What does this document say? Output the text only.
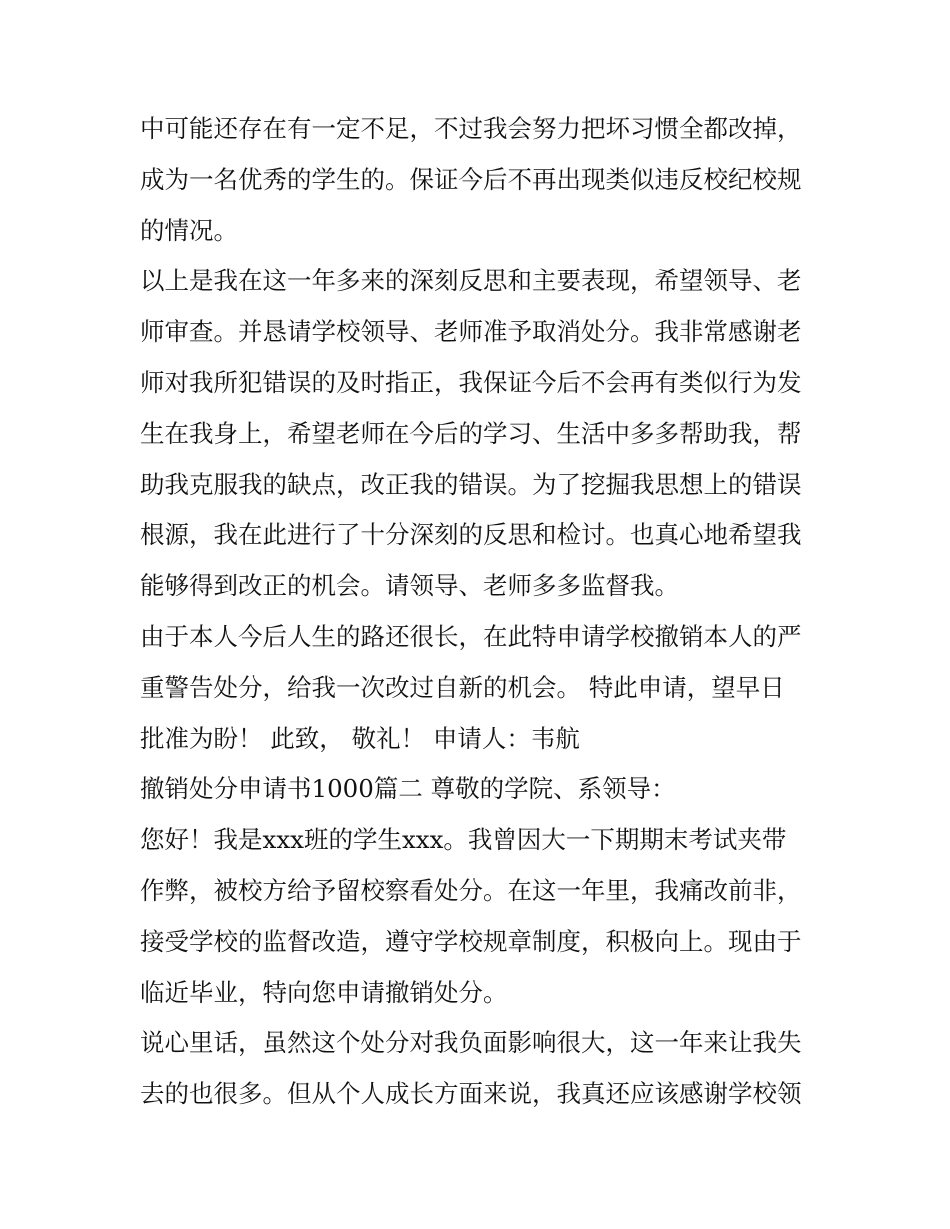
中可能还存在有一定不足，不过我会努力把坏习惯全都改掉，
成为一名优秀的学生的。保证今后不再出现类似违反校纪校规
的情况。
以上是我在这一年多来的深刻反思和主要表现，希望领导、老
师审查。并恳请学校领导、老师准予取消处分。我非常感谢老
师对我所犯错误的及时指正，我保证今后不会再有类似行为发
生在我身上，希望老师在今后的学习、生活中多多帮助我，帮
助我克服我的缺点，改正我的错误。为了挖掘我思想上的错误
根源，我在此进行了十分深刻的反思和检讨。也真心地希望我
能够得到改正的机会。请领导、老师多多监督我。
由于本人今后人生的路还很长，在此特申请学校撤销本人的严
重警告处分，给我一次改过自新的机会。 特此申请，望早日
批准为盼！ 此致， 敬礼！ 申请人：韦航
撤销处分申请书1000篇二 尊敬的学院、系领导：
您好！我是xxx班的学生xxx。我曾因大一下期期末考试夹带
作弊，被校方给予留校察看处分。在这一年里，我痛改前非，
接受学校的监督改造，遵守学校规章制度，积极向上。现由于
临近毕业，特向您申请撤销处分。
说心里话，虽然这个处分对我负面影响很大，这一年来让我失
去的也很多。但从个人成长方面来说，我真还应该感谢学校领
